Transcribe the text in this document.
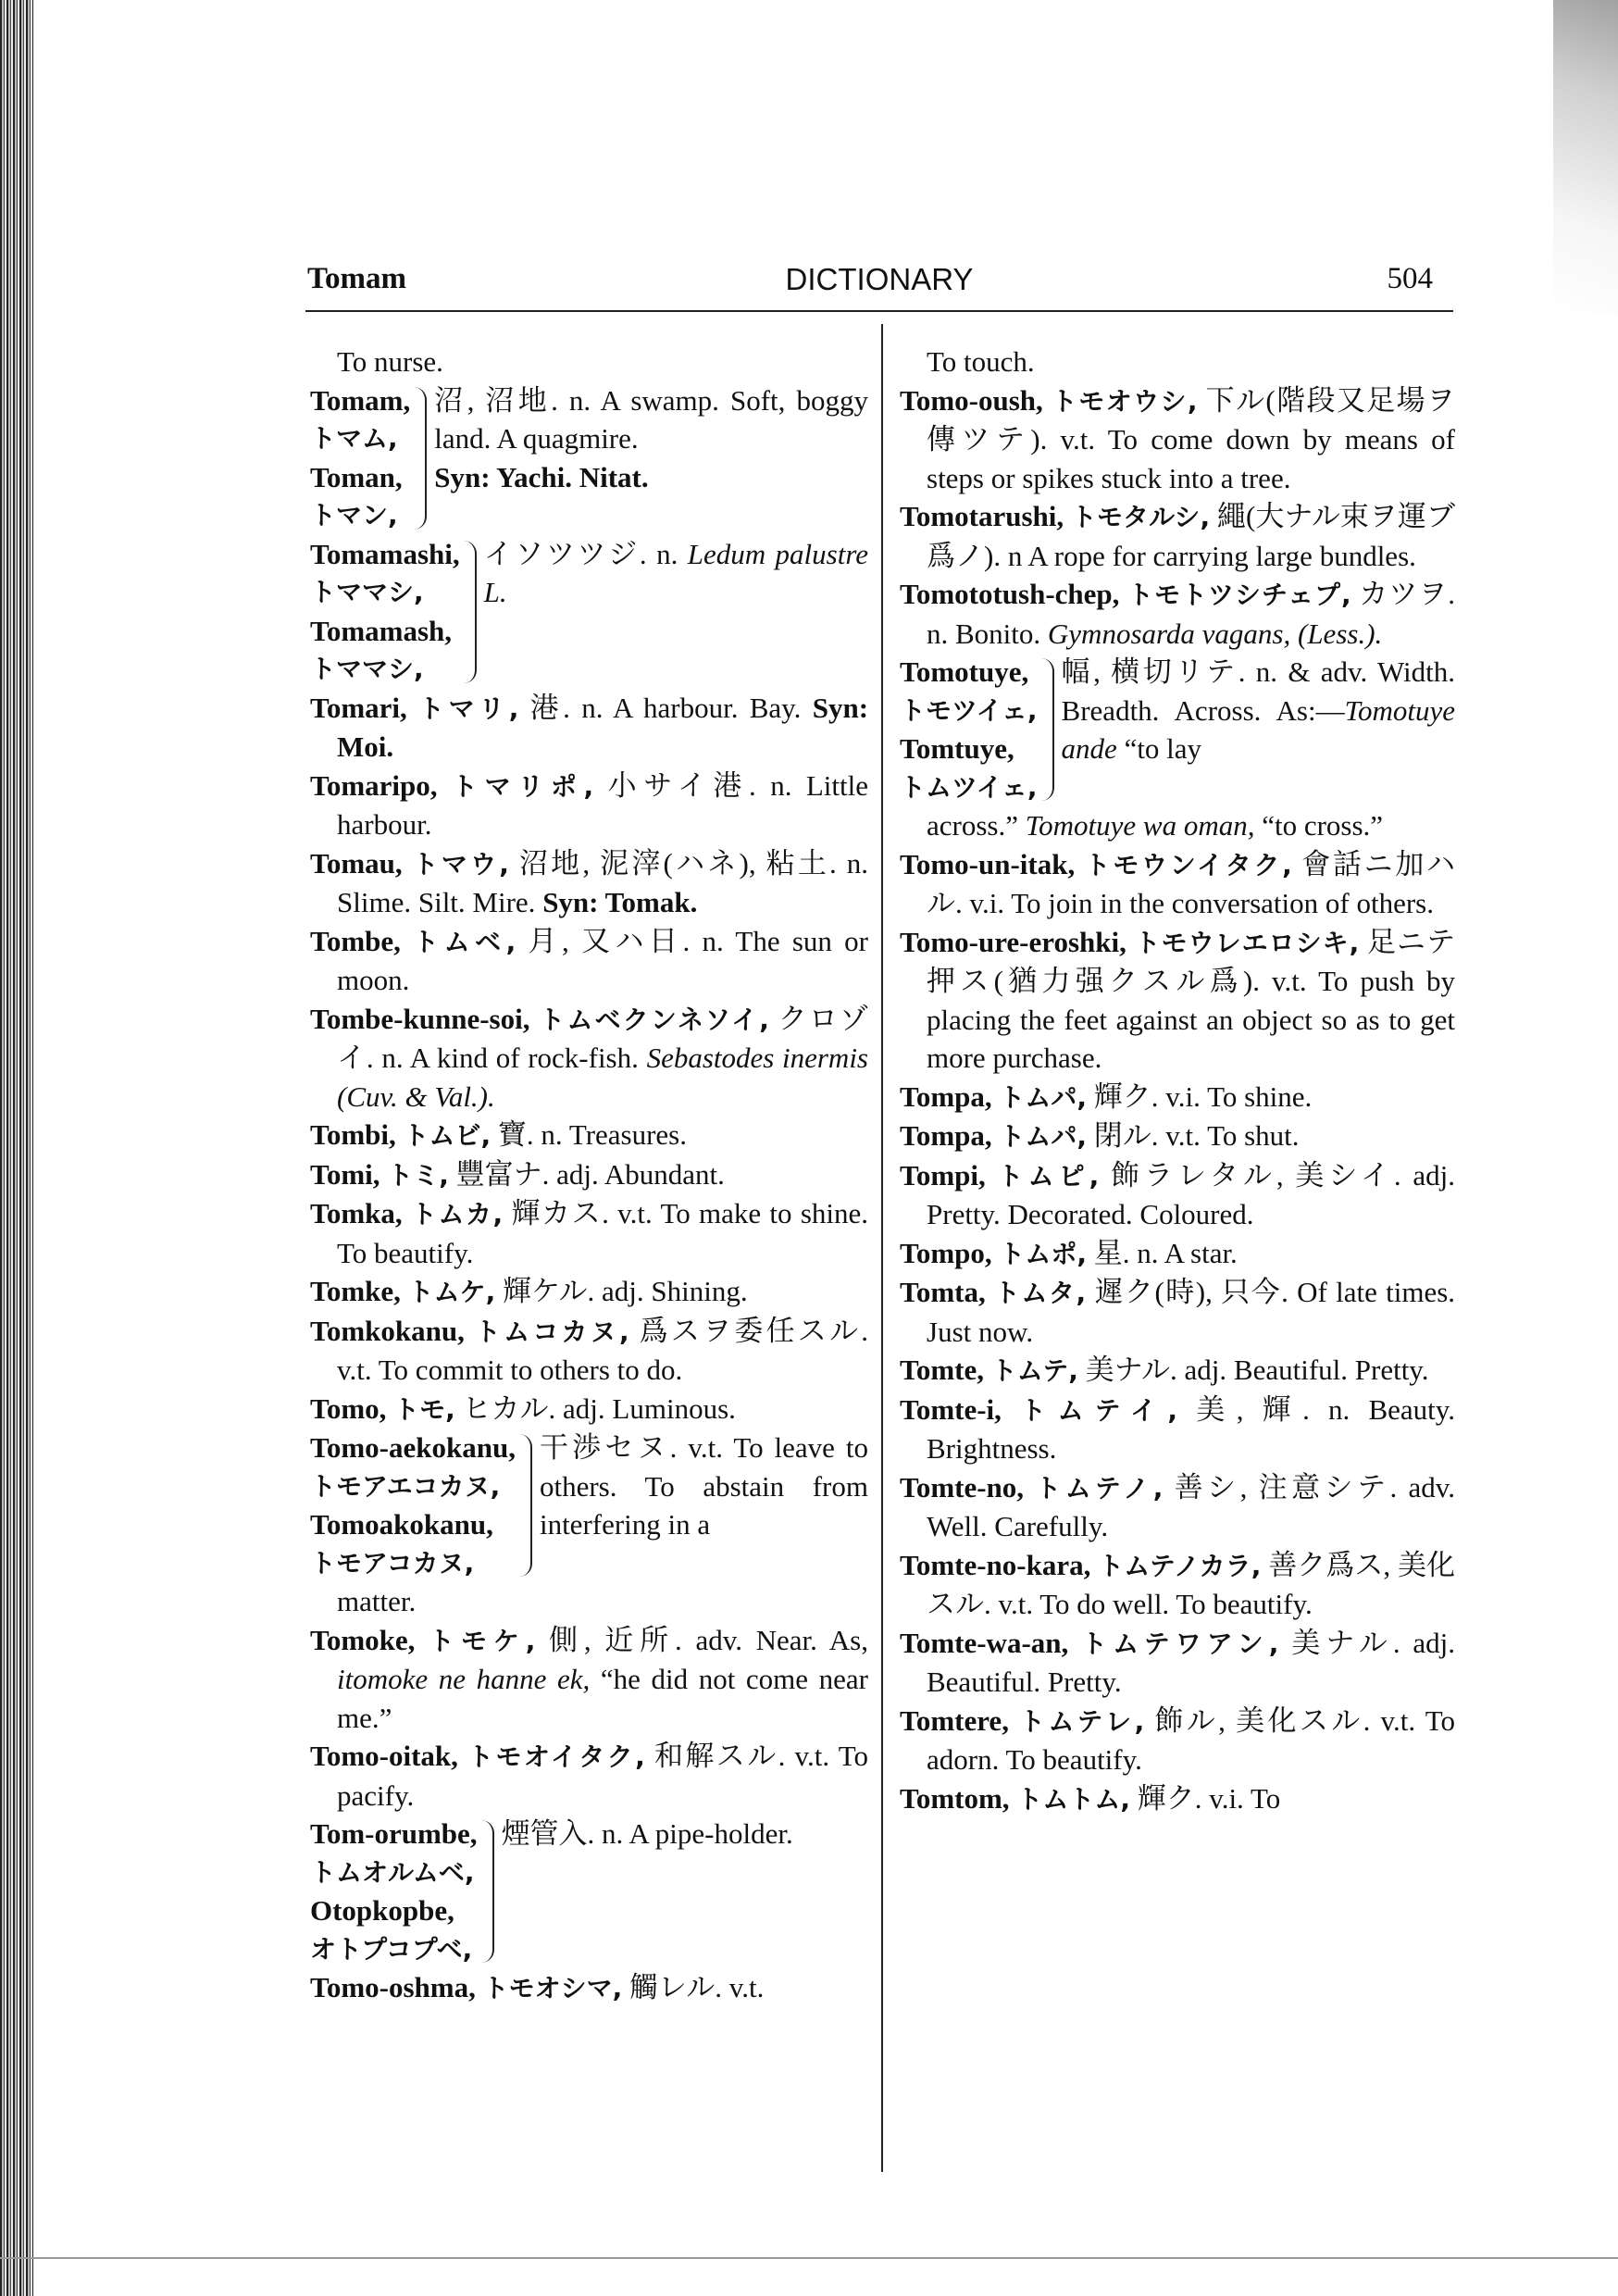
Tomam	DICTIONARY	504

To nurse.

Tomam,
トマム,
Toman,
トマン,
沼, 沼地. n. A swamp. Soft, boggy land. A quagmire.
Syn: Yachi. Nitat.
Tomamashi,
トママシ,
Tomamash,
トママシ,
イソツツジ. n. Ledum palustre L.

Tomari, トマリ, 港. n. A harbour. Bay. Syn: Moi.

Tomaripo, トマリポ, 小サイ港. n. Little harbour.

Tomau, トマウ, 沼地, 泥滓(ハネ), 粘土. n. Slime. Silt. Mire. Syn: Tomak.

Tombe, トムベ, 月, 又ハ日. n. The sun or moon.

Tombe-kunne-soi, トムベクンネソイ, クロゾイ. n. A kind of rock-fish. Sebastodes inermis (Cuv. & Val.).

Tombi, トムビ, 寶. n. Treasures.

Tomi, トミ, 豐富ナ. adj. Abundant.

Tomka, トムカ, 輝カス. v.t. To make to shine. To beautify.

Tomke, トムケ, 輝ケル. adj. Shining.

Tomkokanu, トムコカヌ, 爲スヲ委任スル. v.t. To commit to others to do.

Tomo, トモ, ヒカル. adj. Luminous.

Tomo-aekokanu,
トモアエコカヌ,
Tomoakokanu,
トモアコカヌ,
干渉セヌ. v.t. To leave to others. To abstain from interfering in a

matter.

Tomoke, トモケ, 側, 近所. adv. Near. As, itomoke ne hanne ek, “he did not come near me.”

Tomo-oitak, トモオイタク, 和解スル. v.t. To pacify.

Tom-orumbe,
トムオルムベ,
Otopkopbe,
オトプコプベ,
煙管入. n. A pipe-holder.

Tomo-oshma, トモオシマ, 觸レル. v.t.

To touch.

Tomo-oush, トモオウシ, 下ル(階段又足場ヲ傳ツテ). v.t. To come down by means of steps or spikes stuck into a tree.

Tomotarushi, トモタルシ, 繩(大ナル束ヲ運ブ爲ノ). n A rope for carrying large bundles.

Tomototush-chep, トモトツシチェプ, カツヲ. n. Bonito. Gymnosarda vagans, (Less.).

Tomotuye,
トモツイェ,
Tomtuye,
トムツイェ,
幅, 横切リテ. n. & adv. Width. Breadth. Across. As:—Tomotuye ande “to lay

across.” Tomotuye wa oman, “to cross.”

Tomo-un-itak, トモウンイタク, 會話ニ加ハル. v.i. To join in the conversation of others.

Tomo-ure-eroshki, トモウレエロシキ, 足ニテ押ス(猶力强クスル爲). v.t. To push by placing the feet against an object so as to get more purchase.

Tompa, トムパ, 輝ク. v.i. To shine.

Tompa, トムパ, 閉ル. v.t. To shut.

Tompi, トムピ, 飾ラレタル, 美シイ. adj. Pretty. Decorated. Coloured.

Tompo, トムポ, 星. n. A star.

Tomta, トムタ, 遲ク(時), 只今. Of late times. Just now.

Tomte, トムテ, 美ナル. adj. Beautiful. Pretty.

Tomte-i, トムテイ, 美, 輝. n. Beauty. Brightness.

Tomte-no, トムテノ, 善シ, 注意シテ. adv. Well. Carefully.

Tomte-no-kara, トムテノカラ, 善ク爲ス, 美化スル. v.t. To do well. To beautify.

Tomte-wa-an, トムテワアン, 美ナル. adj. Beautiful. Pretty.

Tomtere, トムテレ, 飾ル, 美化スル. v.t. To adorn. To beautify.

Tomtom, トムトム, 輝ク. v.i. To
